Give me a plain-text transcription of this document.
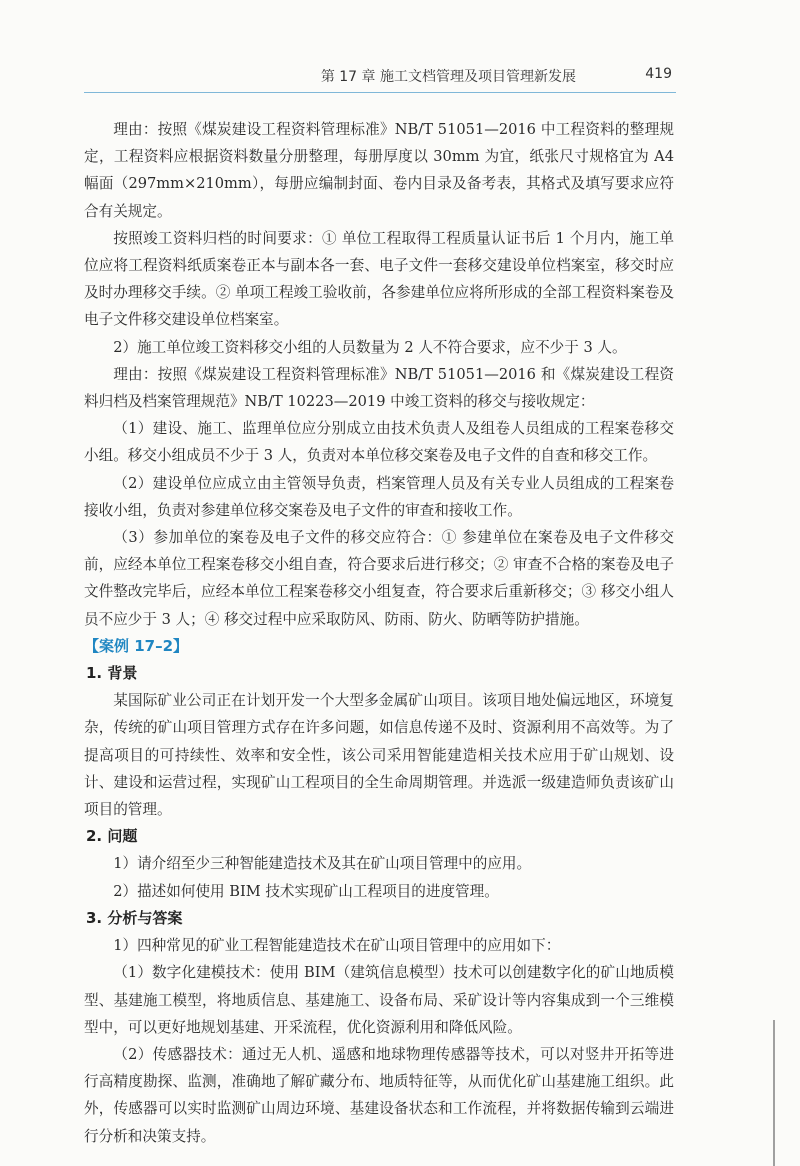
第 17 章 施工文档管理及项目管理新发展	419

理由：按照《煤炭建设工程资料管理标准》NB/T 51051—2016 中工程资料的整理规定，工程资料应根据资料数量分册整理，每册厚度以 30mm 为宜，纸张尺寸规格宜为 A4 幅面（297mm×210mm），每册应编制封面、卷内目录及备考表，其格式及填写要求应符合有关规定。

按照竣工资料归档的时间要求：① 单位工程取得工程质量认证书后 1 个月内，施工单位应将工程资料纸质案卷正本与副本各一套、电子文件一套移交建设单位档案室，移交时应及时办理移交手续。② 单项工程竣工验收前，各参建单位应将所形成的全部工程资料案卷及电子文件移交建设单位档案室。

2）施工单位竣工资料移交小组的人员数量为 2 人不符合要求，应不少于 3 人。

理由：按照《煤炭建设工程资料管理标准》NB/T 51051—2016 和《煤炭建设工程资料归档及档案管理规范》NB/T 10223—2019 中竣工资料的移交与接收规定：

（1）建设、施工、监理单位应分别成立由技术负责人及组卷人员组成的工程案卷移交小组。移交小组成员不少于 3 人，负责对本单位移交案卷及电子文件的自查和移交工作。

（2）建设单位应成立由主管领导负责，档案管理人员及有关专业人员组成的工程案卷接收小组，负责对参建单位移交案卷及电子文件的审查和接收工作。

（3）参加单位的案卷及电子文件的移交应符合：① 参建单位在案卷及电子文件移交前，应经本单位工程案卷移交小组自查，符合要求后进行移交；② 审查不合格的案卷及电子文件整改完毕后，应经本单位工程案卷移交小组复查，符合要求后重新移交；③ 移交小组人员不应少于 3 人；④ 移交过程中应采取防风、防雨、防火、防晒等防护措施。

【案例 17–2】
1. 背景

某国际矿业公司正在计划开发一个大型多金属矿山项目。该项目地处偏远地区，环境复杂，传统的矿山项目管理方式存在许多问题，如信息传递不及时、资源利用不高效等。为了提高项目的可持续性、效率和安全性，该公司采用智能建造相关技术应用于矿山规划、设计、建设和运营过程，实现矿山工程项目的全生命周期管理。并选派一级建造师负责该矿山项目的管理。

2. 问题

1）请介绍至少三种智能建造技术及其在矿山项目管理中的应用。

2）描述如何使用 BIM 技术实现矿山工程项目的进度管理。

3. 分析与答案

1）四种常见的矿业工程智能建造技术在矿山项目管理中的应用如下：

（1）数字化建模技术：使用 BIM（建筑信息模型）技术可以创建数字化的矿山地质模型、基建施工模型，将地质信息、基建施工、设备布局、采矿设计等内容集成到一个三维模型中，可以更好地规划基建、开采流程，优化资源利用和降低风险。

（2）传感器技术：通过无人机、遥感和地球物理传感器等技术，可以对竖井开拓等进行高精度勘探、监测，准确地了解矿藏分布、地质特征等，从而优化矿山基建施工组织。此外，传感器可以实时监测矿山周边环境、基建设备状态和工作流程，并将数据传输到云端进行分析和决策支持。
